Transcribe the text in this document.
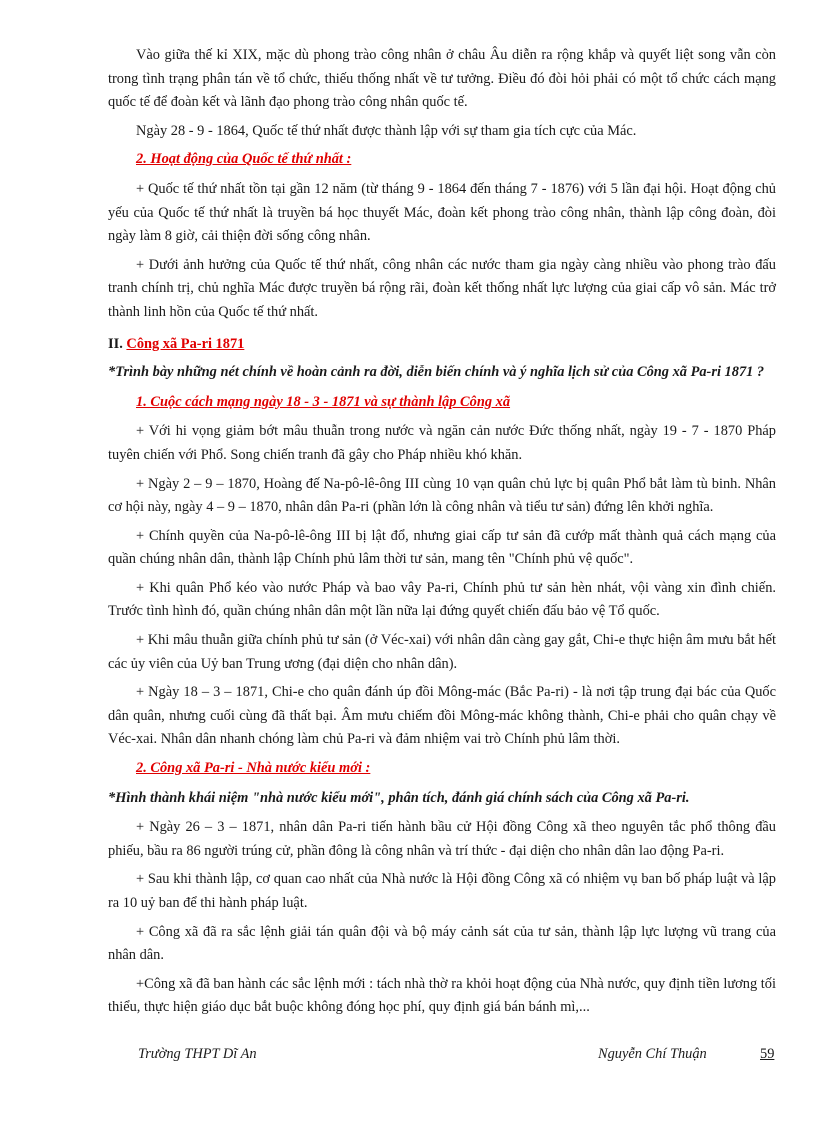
Vào giữa thế kỉ XIX, mặc dù phong trào công nhân ở châu Âu diễn ra rộng khắp và quyết liệt song vẫn còn trong tình trạng phân tán về tổ chức, thiếu thống nhất về tư tưởng. Điều đó đòi hỏi phải có một tổ chức cách mạng quốc tế để đoàn kết và lãnh đạo phong trào công nhân quốc tế.

Ngày 28 - 9 - 1864, Quốc tế thứ nhất được thành lập với sự tham gia tích cực của Mác.

2. Hoạt động của Quốc tế thứ nhất :

+ Quốc tế thứ nhất tồn tại gần 12 năm (từ tháng 9 - 1864 đến tháng 7 - 1876) với 5 lần đại hội. Hoạt động chủ yếu của Quốc tế thứ nhất là truyền bá học thuyết Mác, đoàn kết phong trào công nhân, thành lập công đoàn, đòi ngày làm 8 giờ, cải thiện đời sống công nhân.

+ Dưới ảnh hưởng của Quốc tế thứ nhất, công nhân các nước tham gia ngày càng nhiều vào phong trào đấu tranh chính trị, chủ nghĩa Mác được truyền bá rộng rãi, đoàn kết thống nhất lực lượng của giai cấp vô sản. Mác trở thành linh hồn của Quốc tế thứ nhất.

II. Công xã Pa-ri 1871
*Trình bày những nét chính về hoàn cảnh ra đời, diễn biến chính và ý nghĩa lịch sử của Công xã Pa-ri 1871 ?
1. Cuộc cách mạng ngày 18 - 3 - 1871 và sự thành lập Công xã

+ Với hi vọng giảm bớt mâu thuẫn trong nước và ngăn cản nước Đức thống nhất, ngày 19 - 7 - 1870 Pháp tuyên chiến với Phổ. Song chiến tranh đã gây cho Pháp nhiều khó khăn.

+ Ngày 2 – 9 – 1870, Hoàng đế Na-pô-lê-ông III cùng 10 vạn quân chủ lực bị quân Phổ bắt làm tù binh. Nhân cơ hội này, ngày 4 – 9 – 1870, nhân dân Pa-ri (phần lớn là công nhân và tiểu tư sản) đứng lên khởi nghĩa.

+ Chính quyền của Na-pô-lê-ông III bị lật đổ, nhưng giai cấp tư sản đã cướp mất thành quả cách mạng của quần chúng nhân dân, thành lập Chính phủ lâm thời tư sản, mang tên "Chính phủ vệ quốc".

+ Khi quân Phổ kéo vào nước Pháp và bao vây Pa-ri, Chính phủ tư sản hèn nhát, vội vàng xin đình chiến. Trước tình hình đó, quần chúng nhân dân một lần nữa lại đứng quyết chiến đấu bảo vệ Tổ quốc.

+ Khi mâu thuẫn giữa chính phủ tư sản (ở Véc-xai) với nhân dân càng gay gắt, Chi-e thực hiện âm mưu bắt hết các ủy viên của Uỷ ban Trung ương (đại diện cho nhân dân).

+ Ngày 18 – 3 – 1871, Chi-e cho quân đánh úp đồi Mông-mác (Bắc Pa-ri) - là nơi tập trung đại bác của Quốc dân quân, nhưng cuối cùng đã thất bại. Âm mưu chiếm đồi Mông-mác không thành, Chi-e phải cho quân chạy về Véc-xai. Nhân dân nhanh chóng làm chủ Pa-ri và đảm nhiệm vai trò Chính phủ lâm thời.

2. Công xã Pa-ri - Nhà nước kiểu mới :
*Hình thành khái niệm "nhà nước kiểu mới", phân tích, đánh giá chính sách của Công xã Pa-ri.

+ Ngày 26 – 3 – 1871, nhân dân Pa-ri tiến hành bầu cử Hội đồng Công xã theo nguyên tắc phổ thông đầu phiếu, bầu ra 86 người trúng cử, phần đông là công nhân và trí thức - đại diện cho nhân dân lao động Pa-ri.

+ Sau khi thành lập, cơ quan cao nhất của Nhà nước là Hội đồng Công xã có nhiệm vụ ban bố pháp luật và lập ra 10 uỷ ban để thi hành pháp luật.

+ Công xã đã ra sắc lệnh giải tán quân đội và bộ máy cảnh sát của tư sản, thành lập lực lượng vũ trang của nhân dân.

+Công xã đã ban hành các sắc lệnh mới : tách nhà thờ ra khỏi hoạt động của Nhà nước, quy định tiền lương tối thiểu, thực hiện giáo dục bắt buộc không đóng học phí, quy định giá bán bánh mì,...

Trường THPT Dĩ An	Nguyễn Chí Thuận	59
